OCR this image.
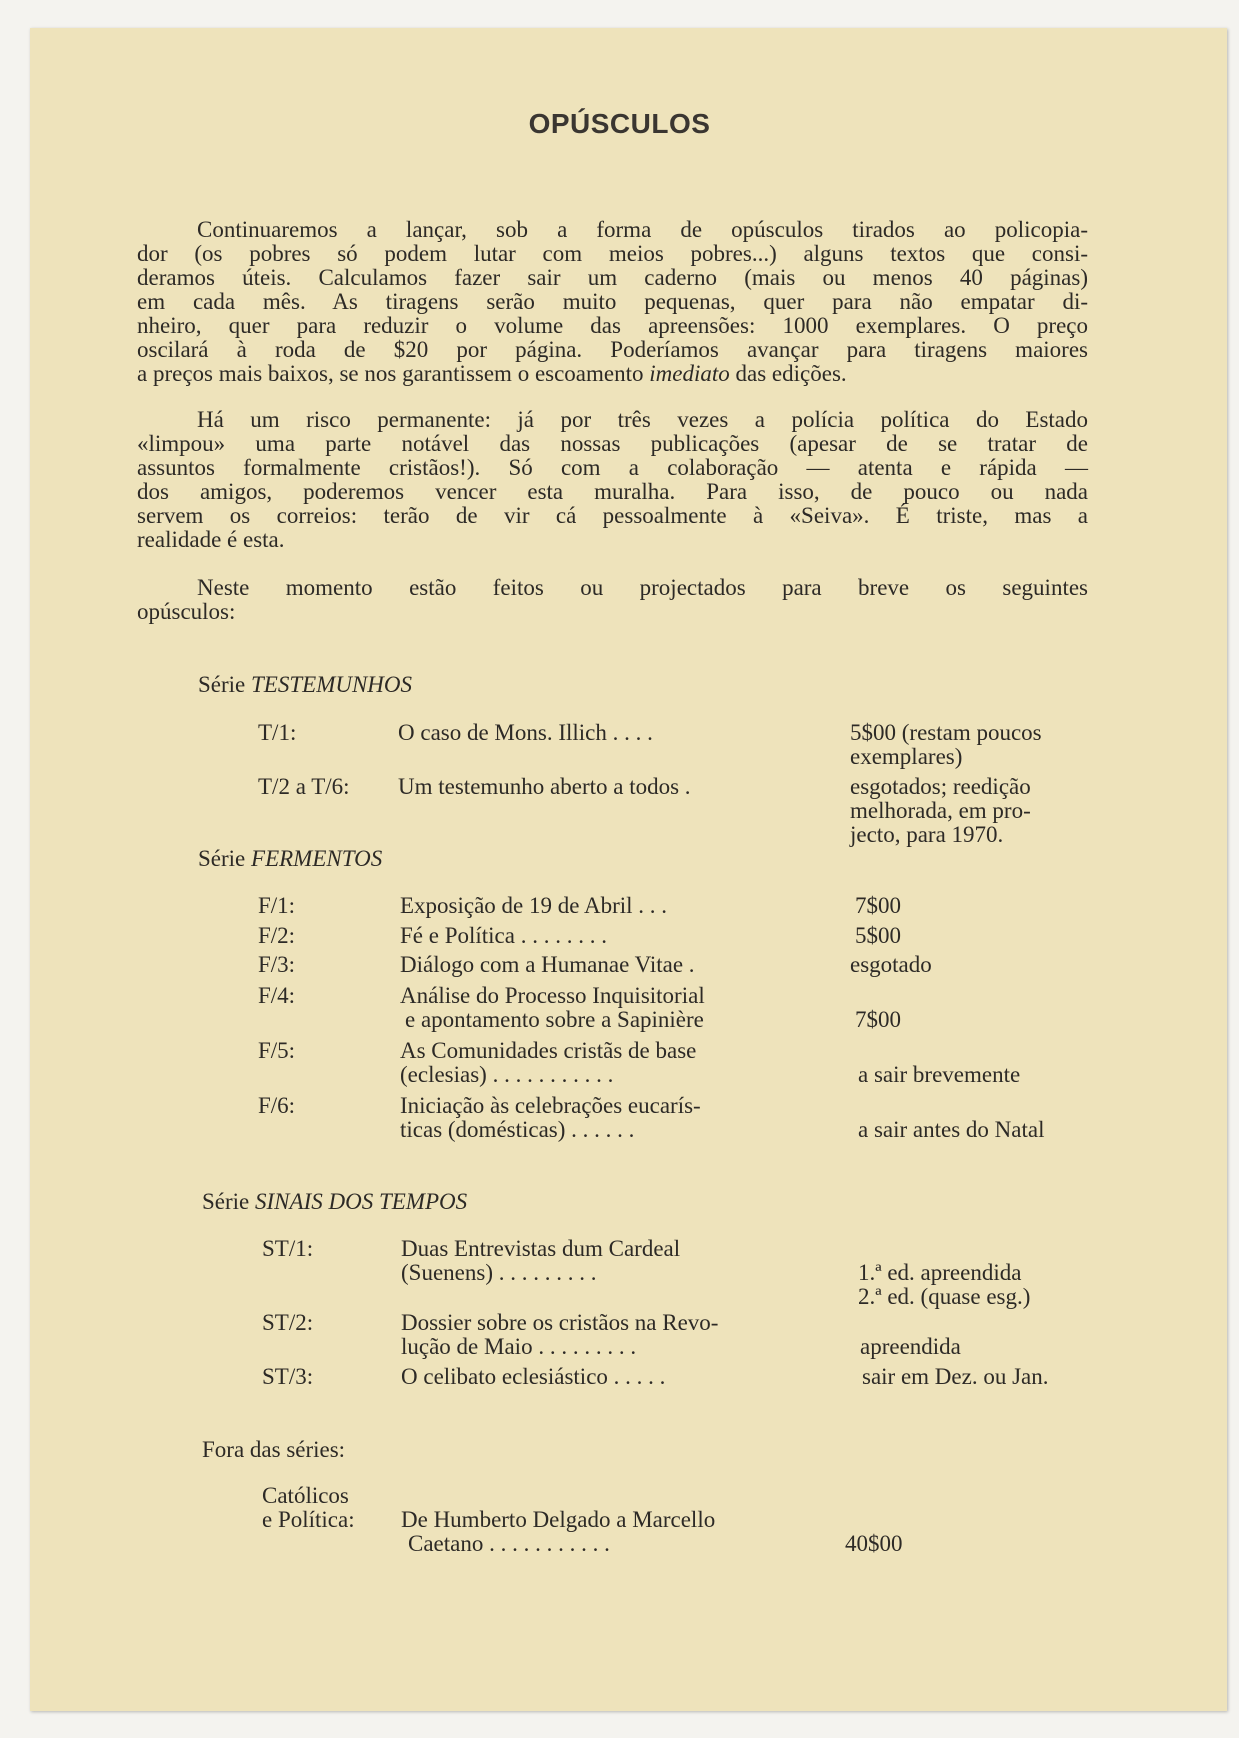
OPÚSCULOS
Continuaremos a lançar, sob a forma de opúsculos tirados ao policopia-
dor (os pobres só podem lutar com meios pobres...) alguns textos que consi-
deramos úteis. Calculamos fazer sair um caderno (mais ou menos 40 páginas)
em cada mês. As tiragens serão muito pequenas, quer para não empatar di-
nheiro, quer para reduzir o volume das apreensões: 1000 exemplares. O preço
oscilará à roda de $20 por página. Poderíamos avançar para tiragens maiores
a preços mais baixos, se nos garantissem o escoamento imediato das edições.
Há um risco permanente: já por três vezes a polícia política do Estado
«limpou» uma parte notável das nossas publicações (apesar de se tratar de
assuntos formalmente cristãos!). Só com a colaboração — atenta e rápida —
dos amigos, poderemos vencer esta muralha. Para isso, de pouco ou nada
servem os correios: terão de vir cá pessoalmente à «Seiva». É triste, mas a
realidade é esta.
Neste momento estão feitos ou projectados para breve os seguintes
opúsculos:
Série TESTEMUNHOS
T/1:	O caso de Mons. Illich . . . .	5$00 (restam poucos
exemplares)
T/2 a T/6: Um testemunho aberto a todos .	esgotados; reedição
melhorada, em pro-
jecto, para 1970.
Série FERMENTOS
F/1:	Exposição de 19 de Abril . . .	7$00
F/2:	Fé e Política . . . . . . . .	5$00
F/3:	Diálogo com a Humanae Vitae .	esgotado
F/4:	Análise do Processo Inquisitorial
e apontamento sobre a Sapinière	7$00
F/5:	As Comunidades cristãs de base
(eclesias) . . . . . . . . . . .	a sair brevemente
F/6:	Iniciação às celebrações eucarís-
ticas (domésticas) . . . . . .	a sair antes do Natal
Série SINAIS DOS TEMPOS
ST/1:	Duas Entrevistas dum Cardeal
(Suenens) . . . . . . . . .	1.ª ed. apreendida
2.ª ed. (quase esg.)
ST/2:	Dossier sobre os cristãos na Revo-
lução de Maio . . . . . . . . .	apreendida
ST/3:	O celibato eclesiástico . . . . .	sair em Dez. ou Jan.
Fora das séries:
Católicos
e Política: De Humberto Delgado a Marcello
Caetano . . . . . . . . . . .	40$00
